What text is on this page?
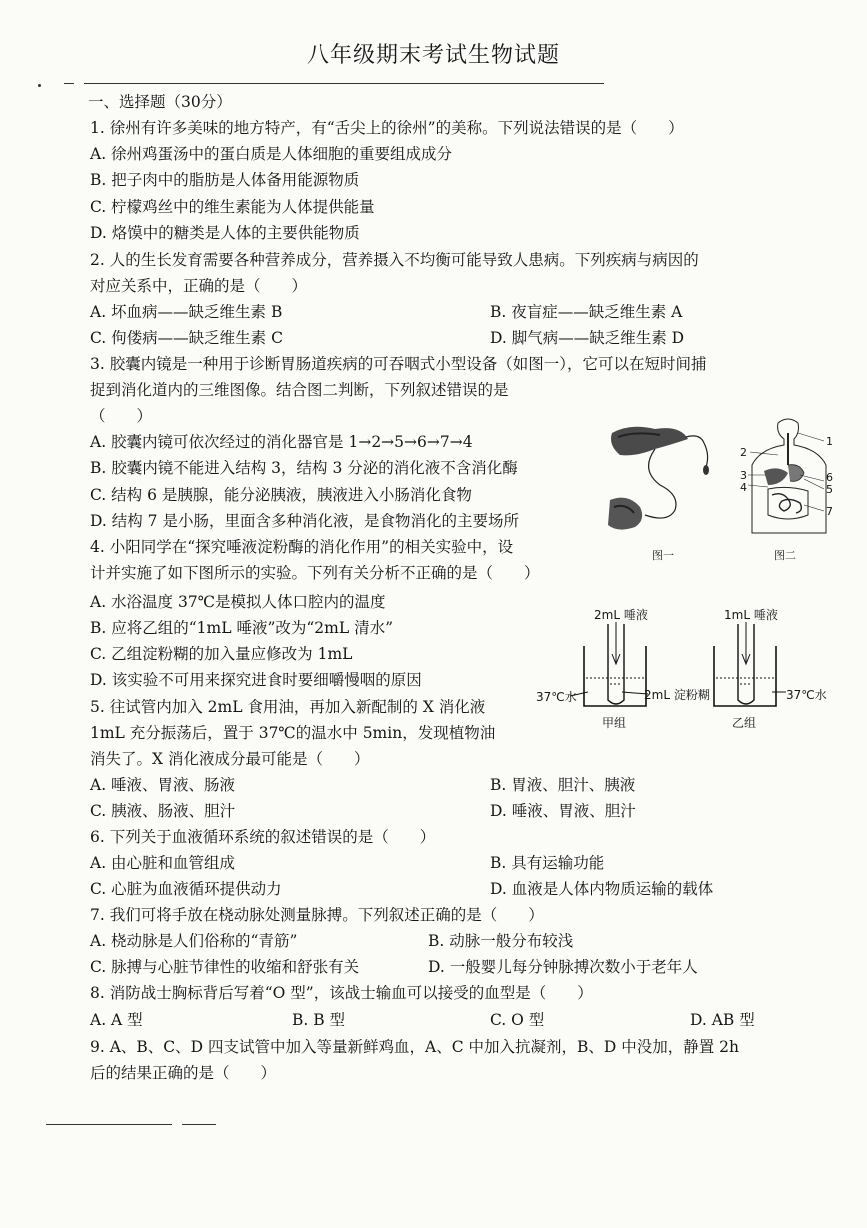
八年级期末考试生物试题
一、选择题（30分）
1. 徐州有许多美味的地方特产，有“舌尖上的徐州”的美称。下列说法错误的是（　　）
A. 徐州鸡蛋汤中的蛋白质是人体细胞的重要组成成分
B. 把子肉中的脂肪是人体备用能源物质
C. 柠檬鸡丝中的维生素能为人体提供能量
D. 烙馍中的糖类是人体的主要供能物质
2. 人的生长发育需要各种营养成分，营养摄入不均衡可能导致人患病。下列疾病与病因的
对应关系中，正确的是（　　）
A. 坏血病——缺乏维生素 B	B. 夜盲症——缺乏维生素 A
C. 佝偻病——缺乏维生素 C	D. 脚气病——缺乏维生素 D
3. 胶囊内镜是一种用于诊断胃肠道疾病的可吞咽式小型设备（如图一），它可以在短时间捕
捉到消化道内的三维图像。结合图二判断，下列叙述错误的是
（　　）
A. 胶囊内镜可依次经过的消化器官是 1→2→5→6→7→4
B. 胶囊内镜不能进入结构 3，结构 3 分泌的消化液不含消化酶
C. 结构 6 是胰腺，能分泌胰液，胰液进入小肠消化食物
D. 结构 7 是小肠，里面含多种消化液，是食物消化的主要场所
图一
1
2
3
4	5
6
7
图二
4. 小阳同学在“探究唾液淀粉酶的消化作用”的相关实验中，设
计并实施了如下图所示的实验。下列有关分析不正确的是（　　）
A. 水浴温度 37℃是模拟人体口腔内的温度
B. 应将乙组的“1mL 唾液”改为“2mL 清水”
C. 乙组淀粉糊的加入量应修改为 1mL
D. 该实验不可用来探究进食时要细嚼慢咽的原因
2mL 唾液	1mL 唾液
37℃水	2mL 淀粉糊	37℃水
甲组	乙组
5. 往试管内加入 2mL 食用油，再加入新配制的 X 消化液
1mL 充分振荡后，置于 37℃的温水中 5min，发现植物油
消失了。X 消化液成分最可能是（　　）
A. 唾液、胃液、肠液	B. 胃液、胆汁、胰液
C. 胰液、肠液、胆汁	D. 唾液、胃液、胆汁
6. 下列关于血液循环系统的叙述错误的是（　　）
A. 由心脏和血管组成	B. 具有运输功能
C. 心脏为血液循环提供动力	D. 血液是人体内物质运输的载体
7. 我们可将手放在桡动脉处测量脉搏。下列叙述正确的是（　　）
A. 桡动脉是人们俗称的“青筋”	B. 动脉一般分布较浅
C. 脉搏与心脏节律性的收缩和舒张有关	D. 一般婴儿每分钟脉搏次数小于老年人
8. 消防战士胸标背后写着“O 型”，该战士输血可以接受的血型是（　　）
A. A 型	B. B 型	C. O 型	D. AB 型
9. A、B、C、D 四支试管中加入等量新鲜鸡血，A、C 中加入抗凝剂，B、D 中没加，静置 2h
后的结果正确的是（　　）
